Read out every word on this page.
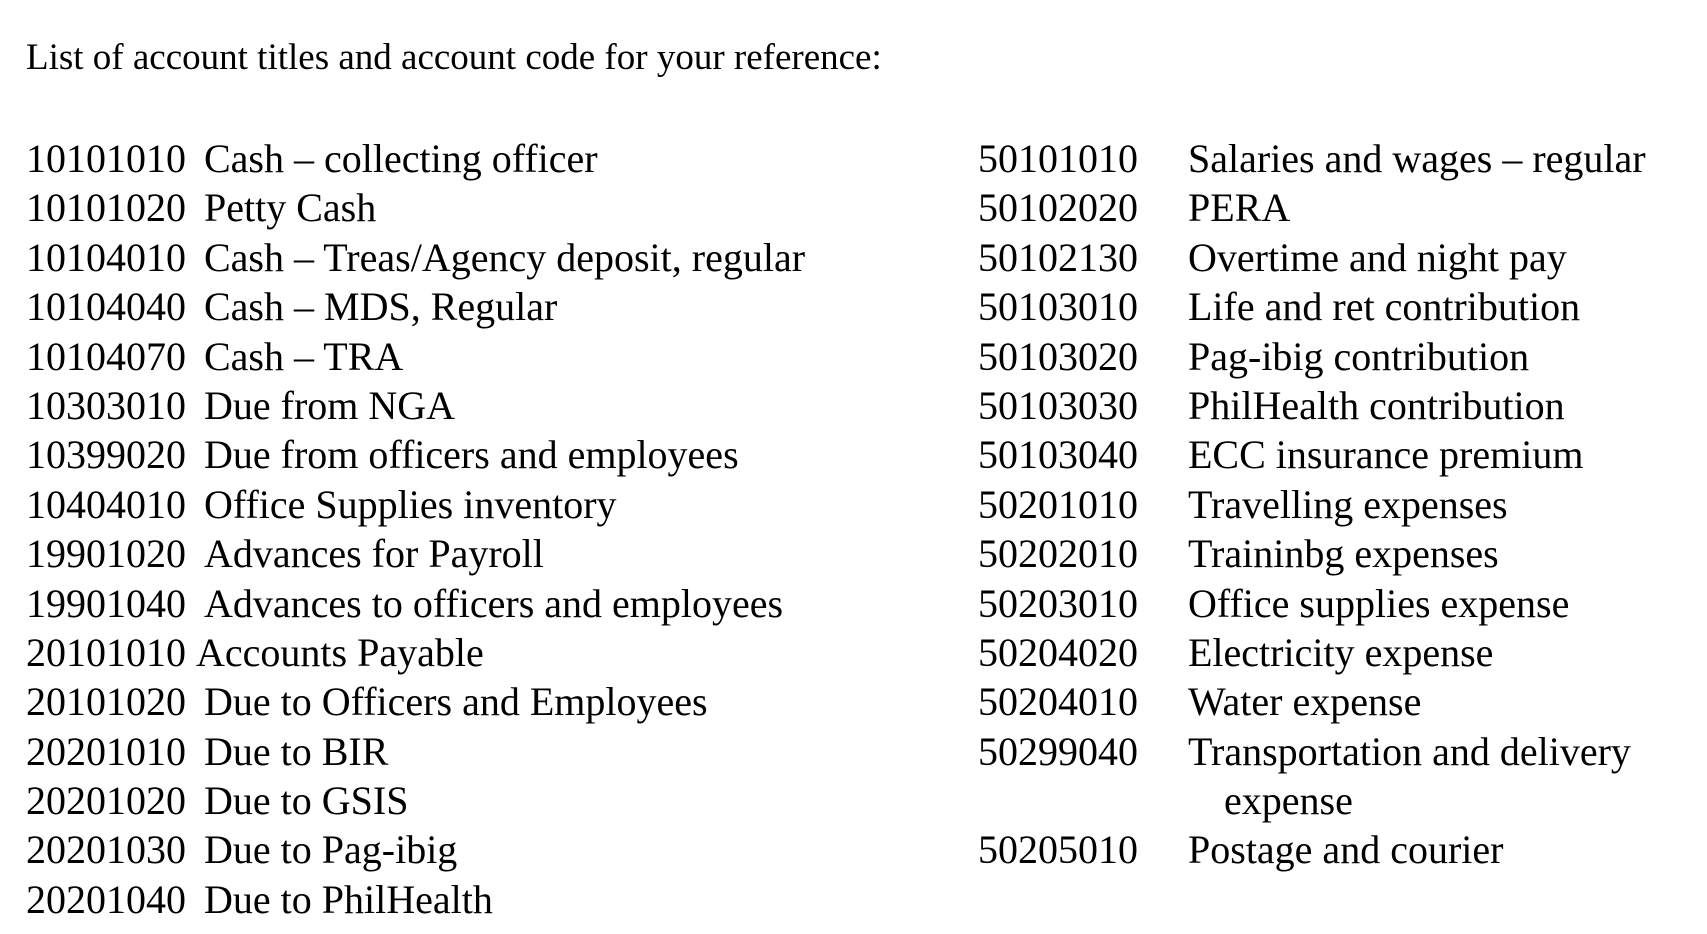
List of account titles and account code for your reference:
10101010 Cash – collecting officer
10101020 Petty Cash
10104010 Cash – Treas/Agency deposit, regular
10104040 Cash – MDS, Regular
10104070 Cash – TRA
10303010 Due from NGA
10399020 Due from officers and employees
10404010 Office Supplies inventory
19901020 Advances for Payroll
19901040 Advances to officers and employees
20101010 Accounts Payable
20101020 Due to Officers and Employees
20201010 Due to BIR
20201020 Due to GSIS
20201030 Due to Pag-ibig
20201040 Due to PhilHealth
50101010	Salaries and wages – regular
50102020	PERA
50102130	Overtime and night pay
50103010	Life and ret contribution
50103020	Pag-ibig contribution
50103030	PhilHealth contribution
50103040	ECC insurance premium
50201010	Travelling expenses
50202010	Traininbg expenses
50203010	Office supplies expense
50204020	Electricity expense
50204010	Water expense
50299040	Transportation and delivery
expense
50205010	Postage and courier
